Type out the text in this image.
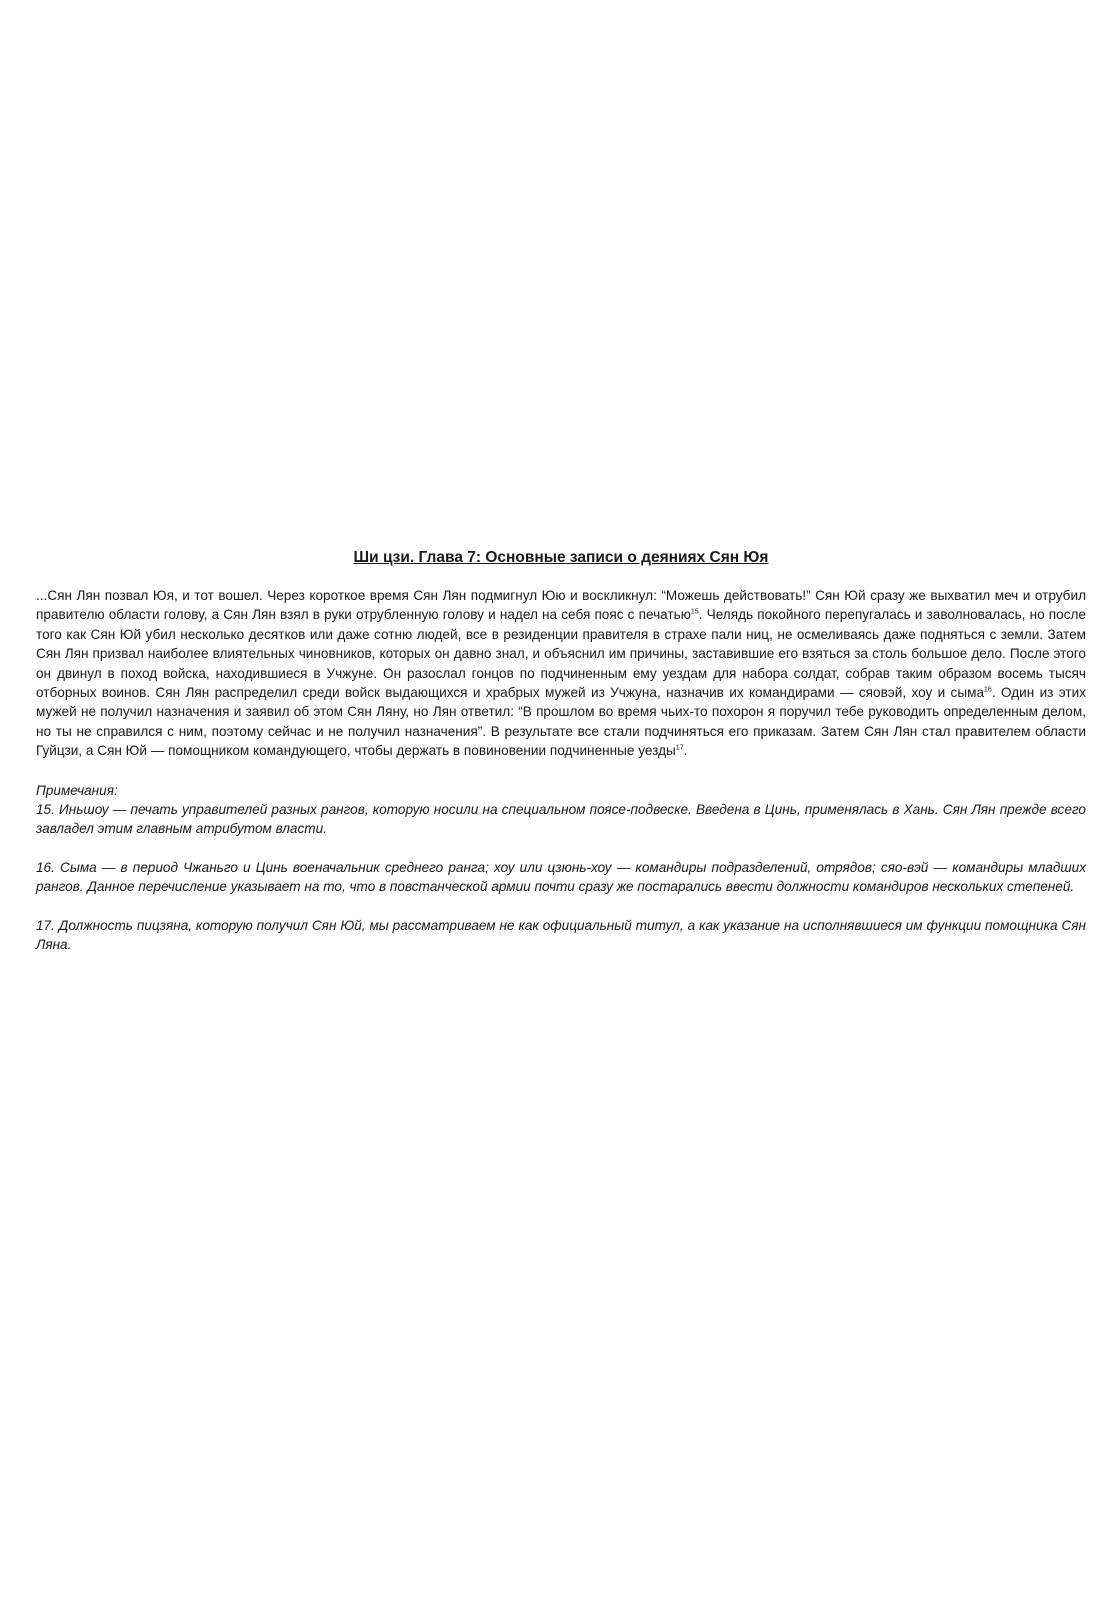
Ши цзи. Глава 7: Основные записи о деяниях Сян Юя

...Сян Лян позвал Юя, и тот вошел. Через короткое время Сян Лян подмигнул Юю и воскликнул: “Можешь действовать!” Сян Юй сразу же выхватил меч и отрубил правителю области голову, а Сян Лян взял в руки отрубленную голову и надел на себя пояс с печатью$^{15}$. Челядь покойного перепугалась и заволновалась, но после того как Сян Юй убил несколько десятков или даже сотню людей, все в резиденции правителя в страхе пали ниц, не осмеливаясь даже подняться с земли. Затем Сян Лян призвал наиболее влиятельных чиновников, которых он давно знал, и объяснил им причины, заставившие его взяться за столь большое дело. После этого он двинул в поход войска, находившиеся в Учжуне. Он разослал гонцов по подчиненным ему уездам для набора солдат, собрав таким образом восемь тысяч отборных воинов. Сян Лян распределил среди войск выдающихся и храбрых мужей из Учжуна, назначив их командирами — сяовэй, хоу и сыма$^{16}$. Один из этих мужей не получил назначения и заявил об этом Сян Ляну, но Лян ответил: “В прошлом во время чьих-то похорон я поручил тебе руководить определенным делом, но ты не справился с ним, поэтому сейчас и не получил назначения”. В результате все стали подчиняться его приказам. Затем Сян Лян стал правителем области Гуйцзи, а Сян Юй — помощником командующего, чтобы держать в повиновении подчиненные уезды$^{17}$.

Примечания:

15. Иньшоу — печать управителей разных рангов, которую носили на специальном поясе-подвеске. Введена в Цинь, применялась в Хань. Сян Лян прежде всего завладел этим главным атрибутом власти.

16. Сыма — в период Чжаньго и Цинь военачальник среднего ранга; хоу или цзюнь-хоу — командиры подразделений, отрядов; сяо-вэй — командиры младших рангов. Данное перечисление указывает на то, что в повстанческой армии почти сразу же постарались ввести должности командиров нескольких степеней.

17. Должность пицзяна, которую получил Сян Юй, мы рассматриваем не как официальный титул, а как указание на исполнявшиеся им функции помощника Сян Ляна.
